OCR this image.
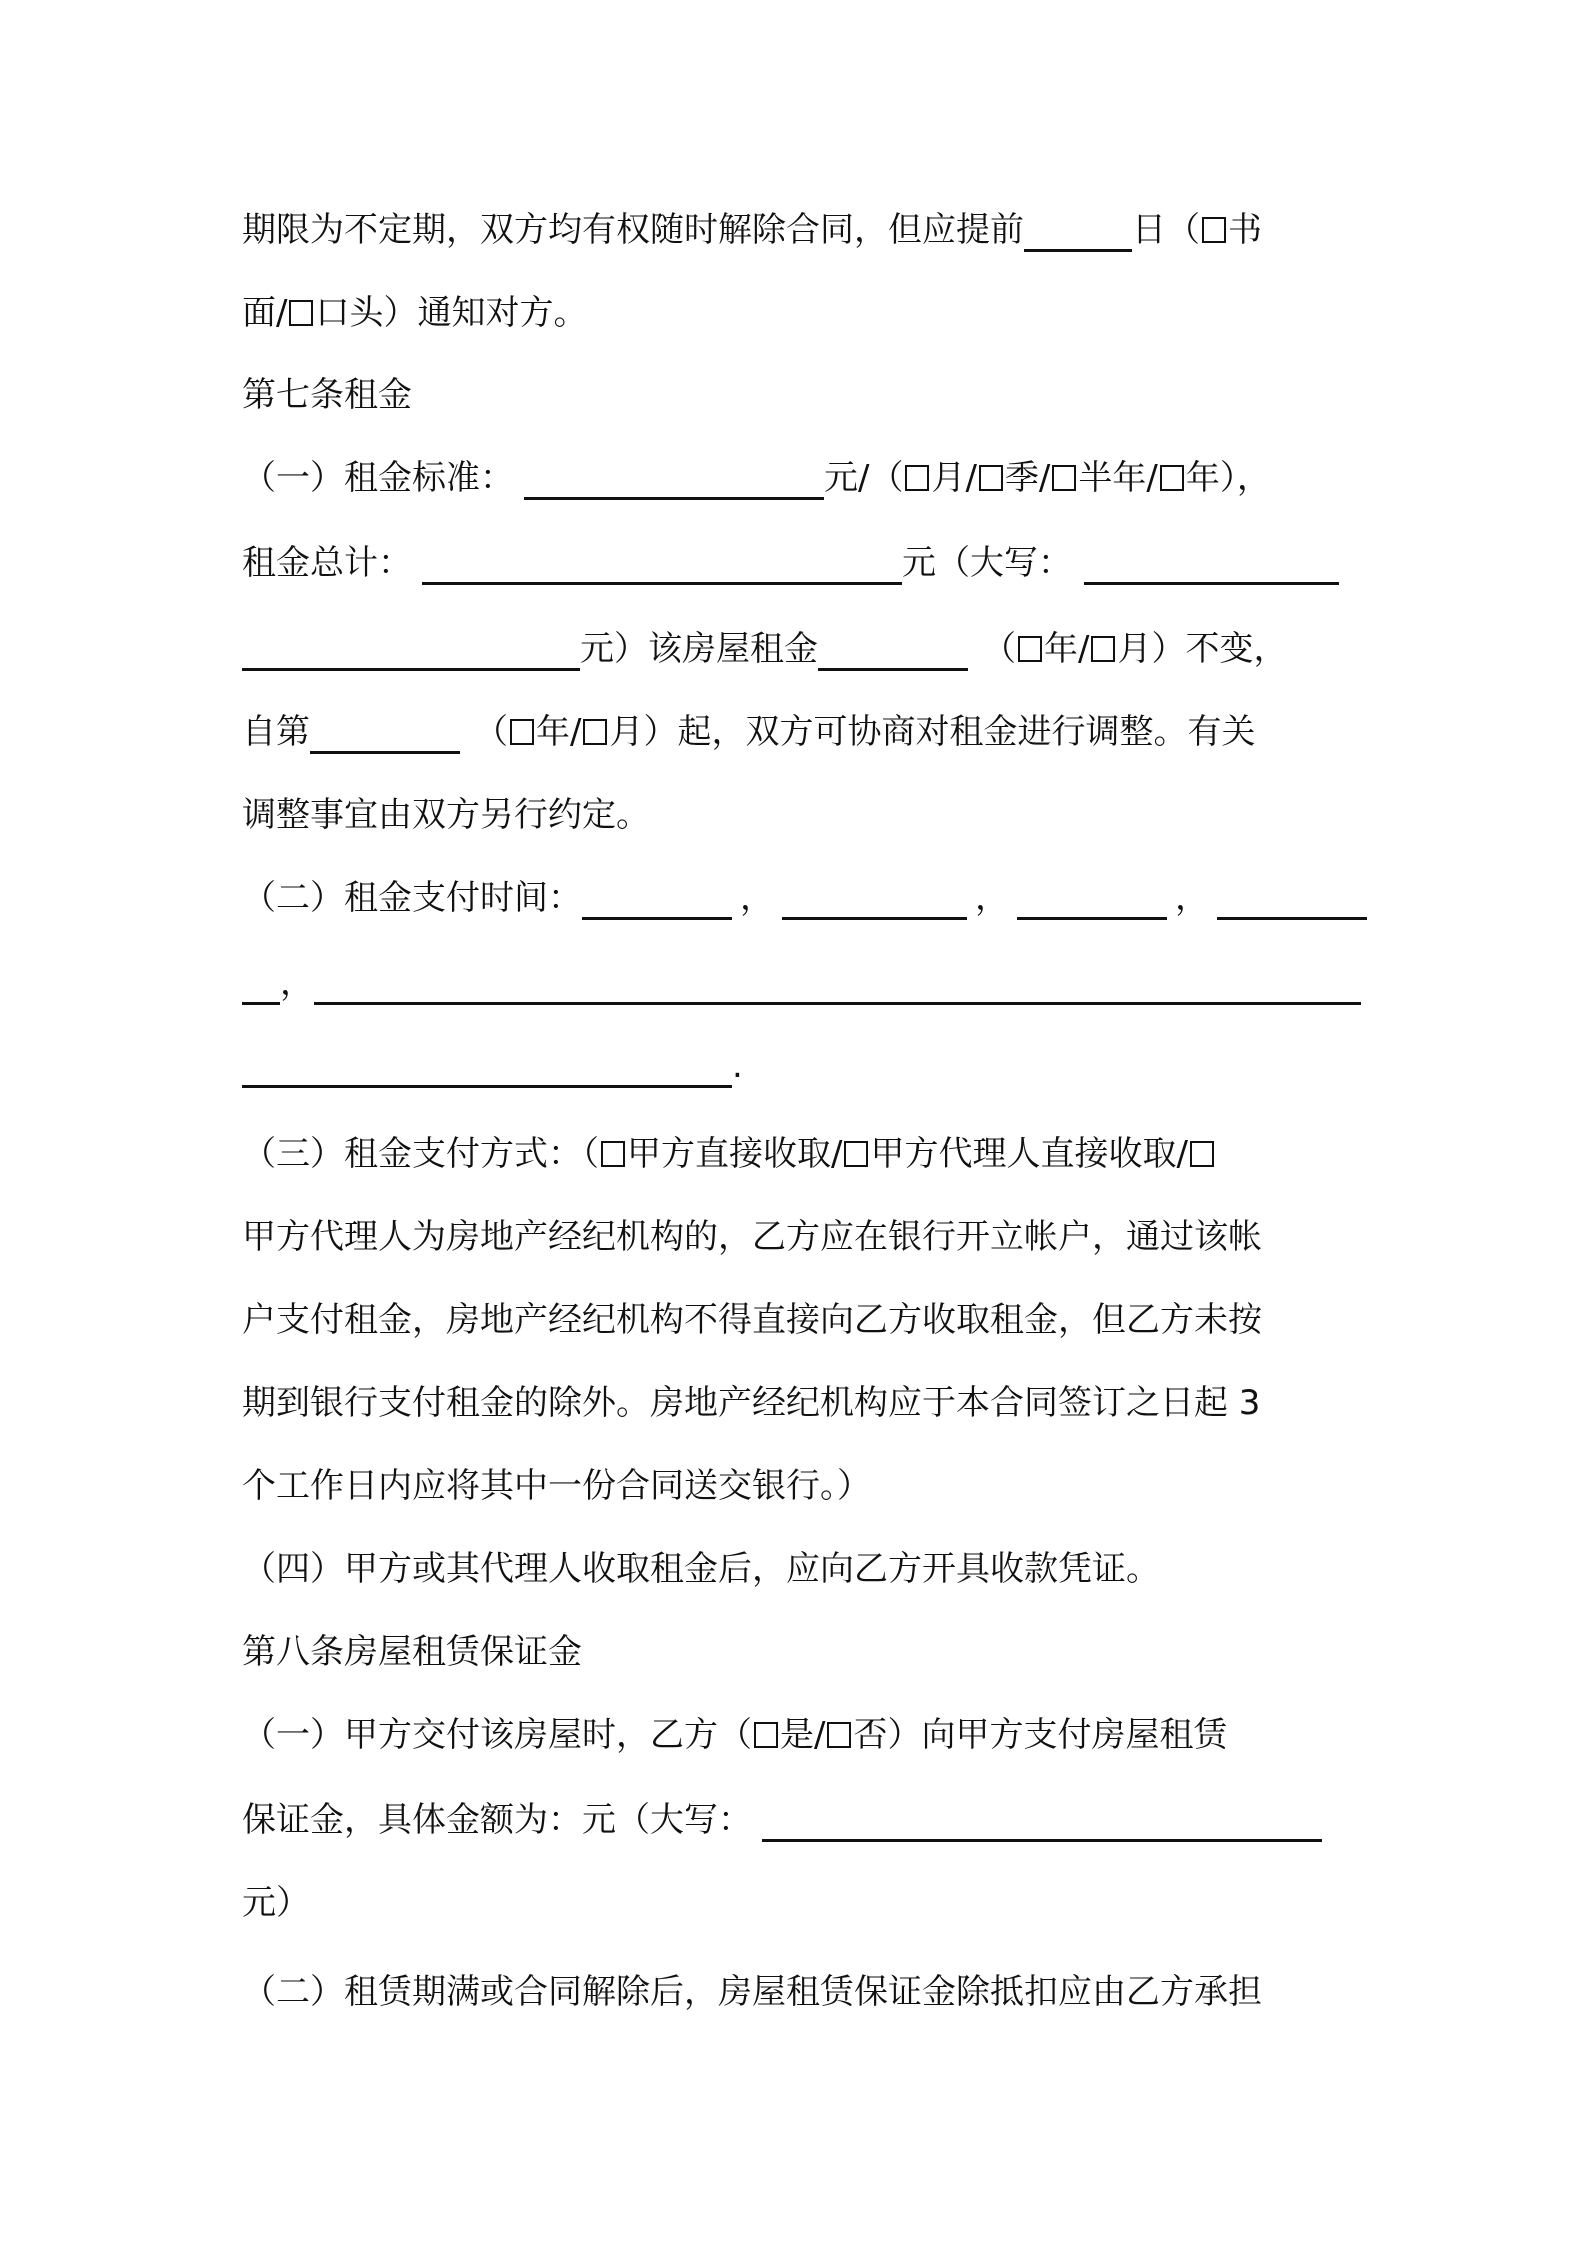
期限为不定期，双方均有权随时解除合同，但应提前	日（ 书
面/ 口头）通知对方。
第七条租金
（一）租金标准：	元/（ 月/ 季/ 半年/ 年），
租金总计：	元（大写：
元）该房屋租金	（ 年/ 月）不变，
自第	（ 年/ 月）起，双方可协商对租金进行调整。有关
调整事宜由双方另行约定。
（二）租金支付时间：	，	，	，
，
.
（三）租金支付方式：（ 甲方直接收取/ 甲方代理人直接收取/
甲方代理人为房地产经纪机构的，乙方应在银行开立帐户，通过该帐
户支付租金，房地产经纪机构不得直接向乙方收取租金，但乙方未按
期到银行支付租金的除外。房地产经纪机构应于本合同签订之日起 3
个工作日内应将其中一份合同送交银行。）
（四）甲方或其代理人收取租金后，应向乙方开具收款凭证。
第八条房屋租赁保证金
（一）甲方交付该房屋时，乙方（ 是/ 否）向甲方支付房屋租赁
保证金，具体金额为：元（大写：
元）
（二）租赁期满或合同解除后，房屋租赁保证金除抵扣应由乙方承担
